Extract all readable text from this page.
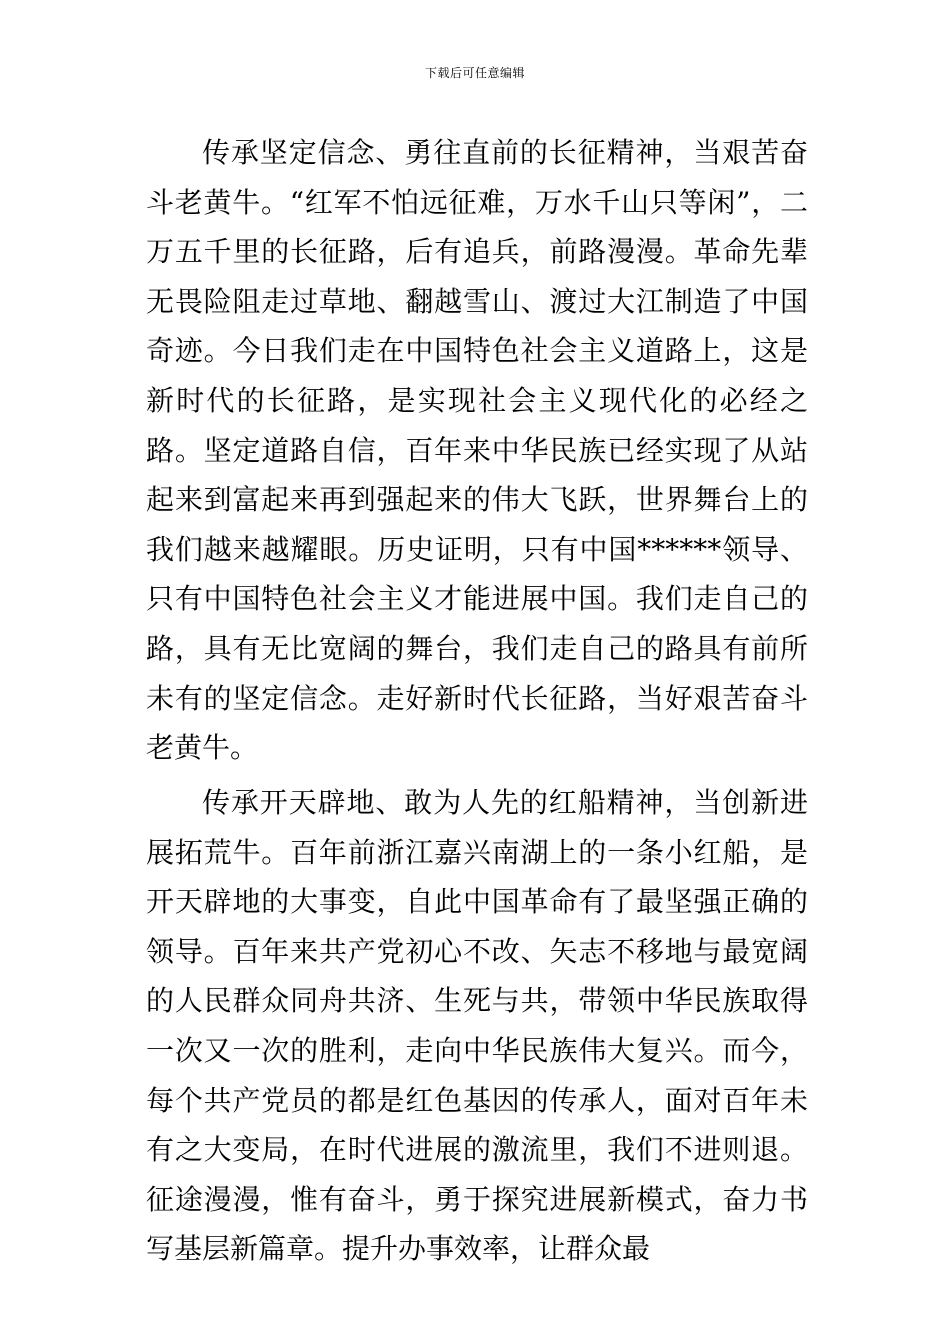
下载后可任意编辑

传承坚定信念、勇往直前的长征精神，当艰苦奋斗老黄牛。“红军不怕远征难，万水千山只等闲”，二万五千里的长征路，后有追兵，前路漫漫。革命先辈无畏险阻走过草地、翻越雪山、渡过大江制造了中国奇迹。今日我们走在中国特色社会主义道路上，这是新时代的长征路，是实现社会主义现代化的必经之路。坚定道路自信，百年来中华民族已经实现了从站起来到富起来再到强起来的伟大飞跃，世界舞台上的我们越来越耀眼。历史证明，只有中国******领导、只有中国特色社会主义才能进展中国。我们走自己的路，具有无比宽阔的舞台，我们走自己的路具有前所未有的坚定信念。走好新时代长征路，当好艰苦奋斗老黄牛。

传承开天辟地、敢为人先的红船精神，当创新进展拓荒牛。百年前浙江嘉兴南湖上的一条小红船，是开天辟地的大事变，自此中国革命有了最坚强正确的领导。百年来共产党初心不改、矢志不移地与最宽阔的人民群众同舟共济、生死与共，带领中华民族取得一次又一次的胜利，走向中华民族伟大复兴。而今，每个共产党员的都是红色基因的传承人，面对百年未有之大变局，在时代进展的激流里，我们不进则退。征途漫漫，惟有奋斗，勇于探究进展新模式，奋力书写基层新篇章。提升办事效率，让群众最
